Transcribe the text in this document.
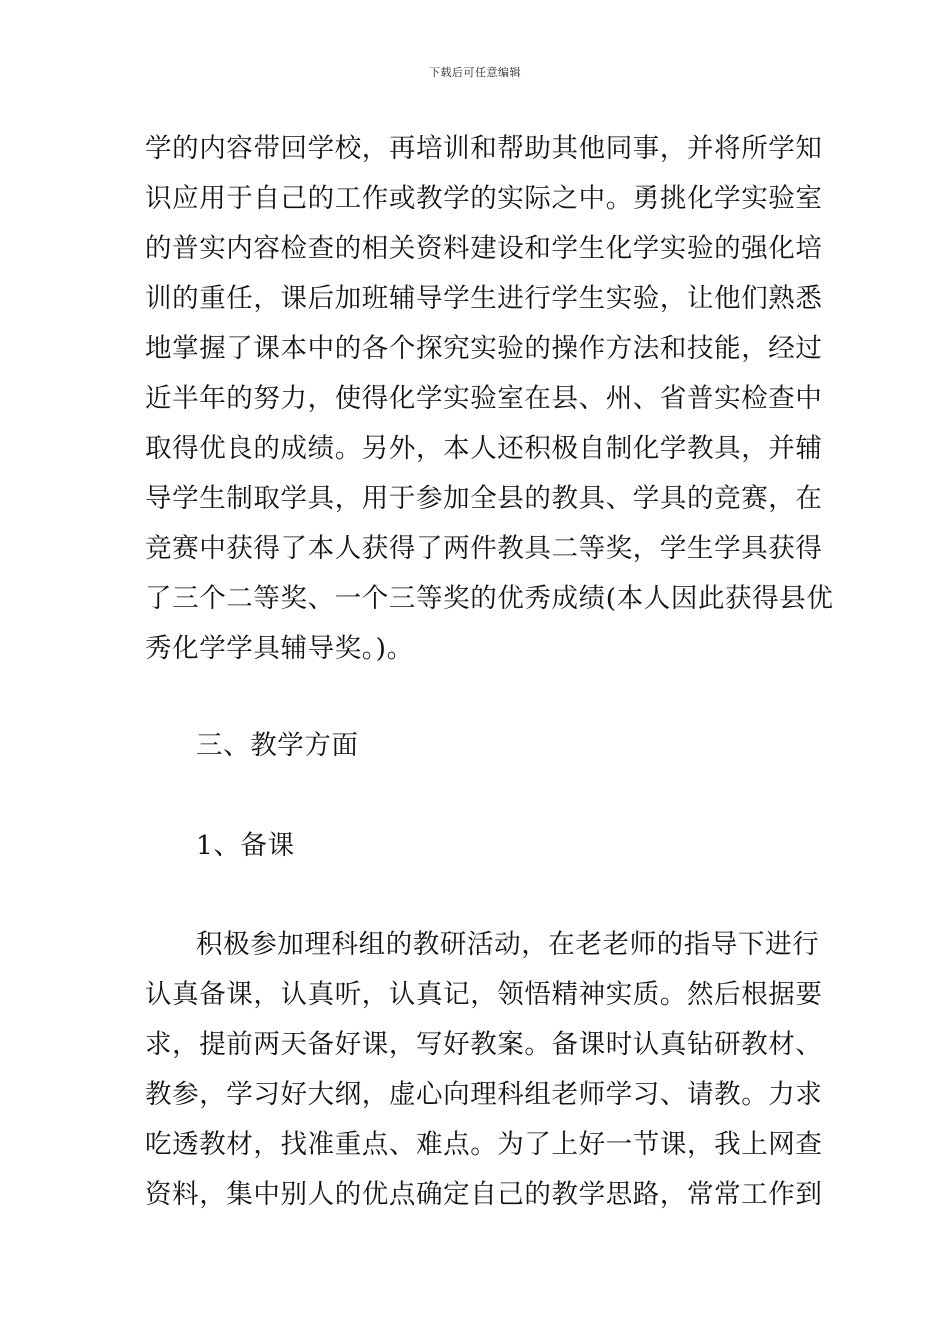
下载后可任意编辑
学的内容带回学校，再培训和帮助其他同事，并将所学知
识应用于自己的工作或教学的实际之中。勇挑化学实验室
的普实内容检查的相关资料建设和学生化学实验的强化培
训的重任，课后加班辅导学生进行学生实验，让他们熟悉
地掌握了课本中的各个探究实验的操作方法和技能，经过
近半年的努力，使得化学实验室在县、州、省普实检查中
取得优良的成绩。另外，本人还积极自制化学教具，并辅
导学生制取学具，用于参加全县的教具、学具的竞赛，在
竞赛中获得了本人获得了两件教具二等奖，学生学具获得
了三个二等奖、一个三等奖的优秀成绩(本人因此获得县优
秀化学学具辅导奖。)。
三、教学方面
1、备课
积极参加理科组的教研活动，在老老师的指导下进行
认真备课，认真听，认真记，领悟精神实质。然后根据要
求，提前两天备好课，写好教案。备课时认真钻研教材、
教参，学习好大纲，虚心向理科组老师学习、请教。力求
吃透教材，找准重点、难点。为了上好一节课，我上网查
资料，集中别人的优点确定自己的教学思路，常常工作到
